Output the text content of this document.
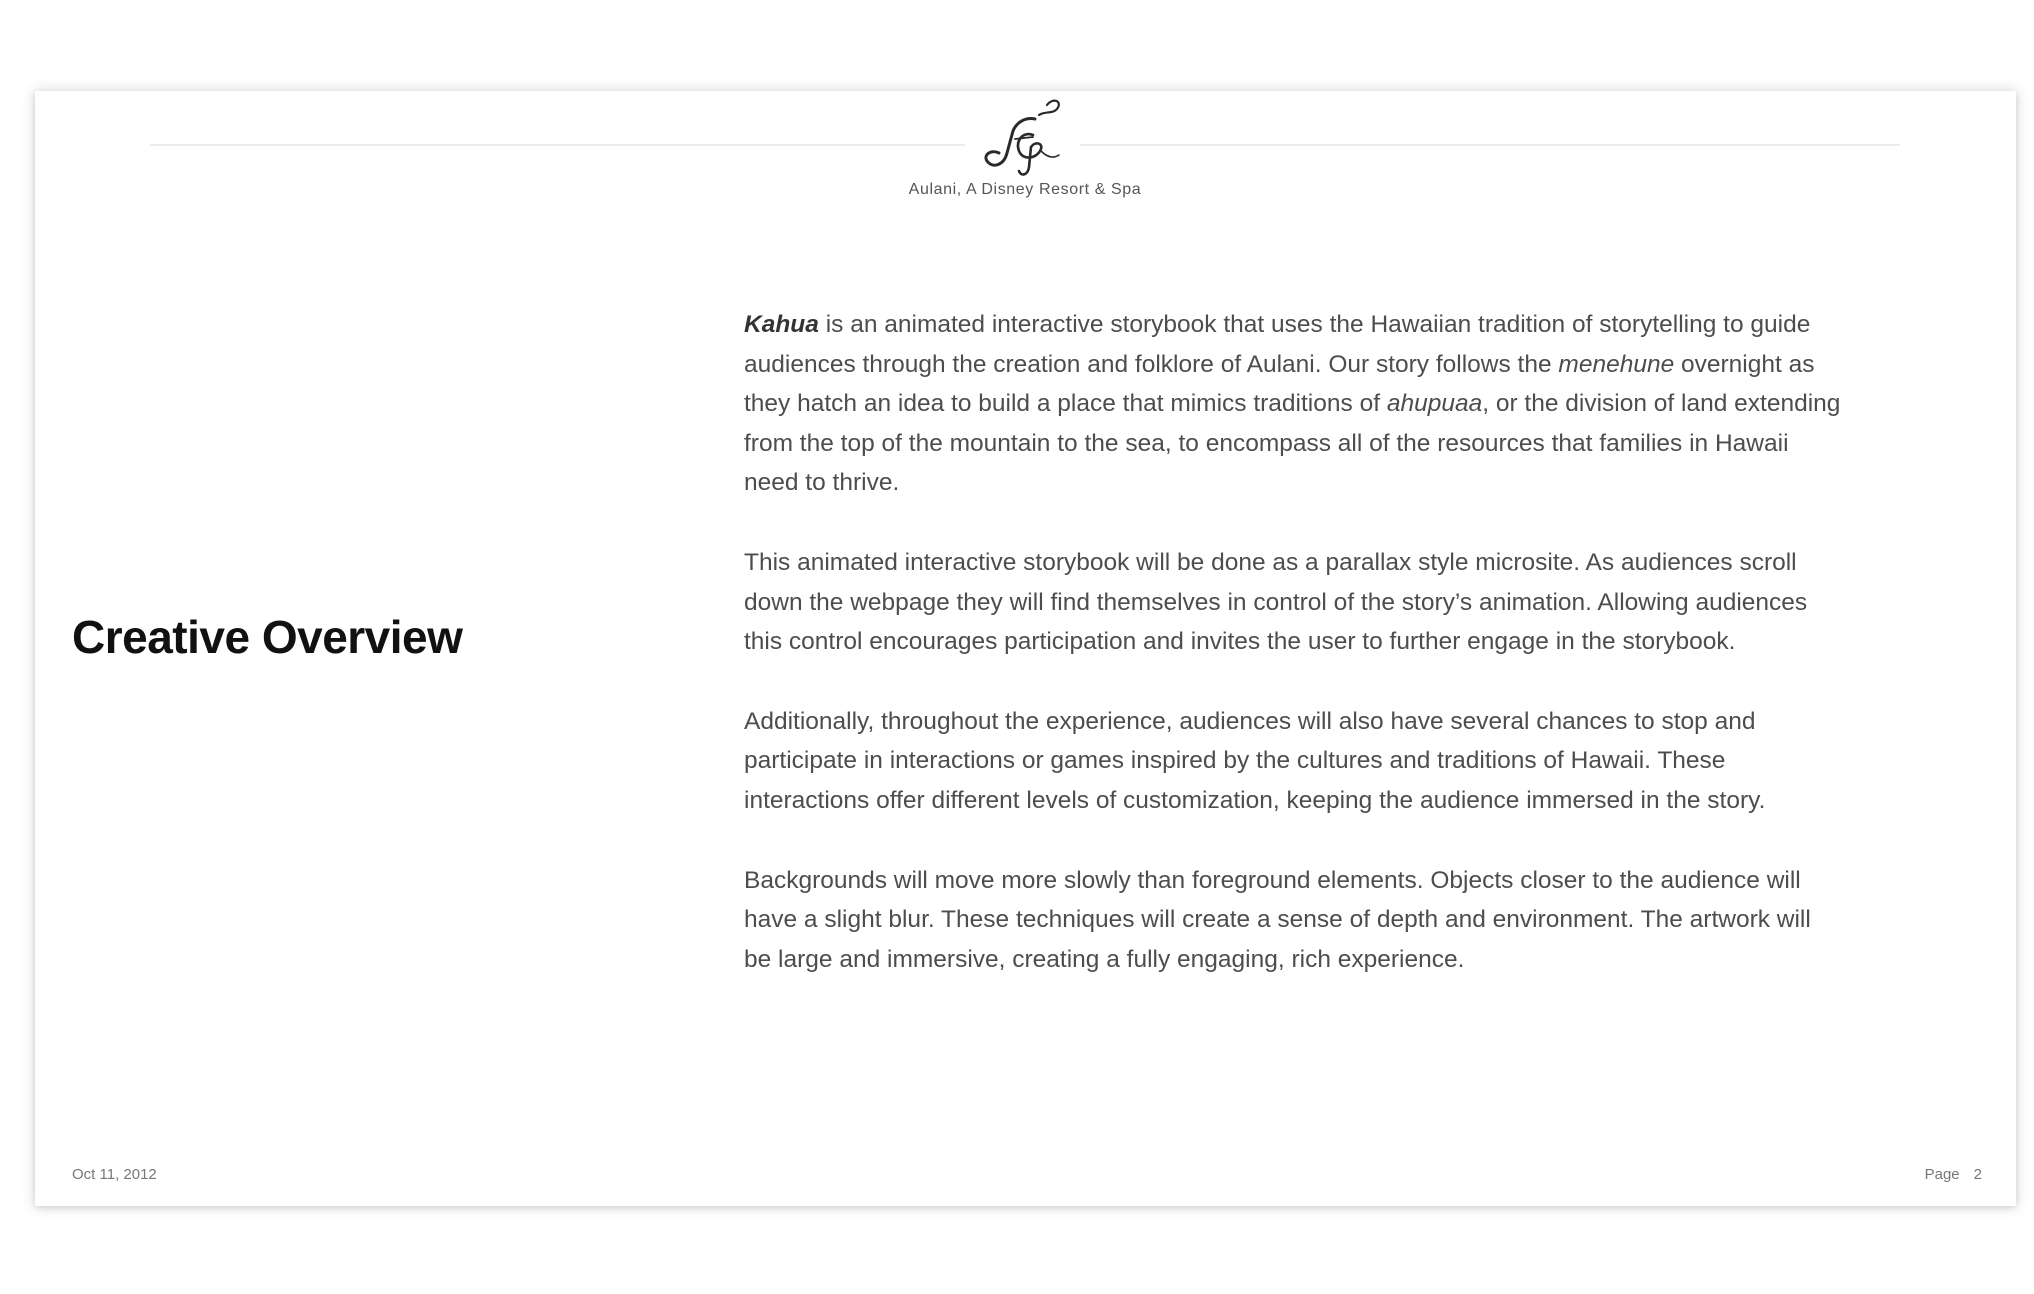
Aulani, A Disney Resort & Spa
Creative Overview

Kahua is an animated interactive storybook that uses the Hawaiian tradition of storytelling to guide audiences through the creation and folklore of Aulani. Our story follows the menehune overnight as they hatch an idea to build a place that mimics traditions of ahupuaa, or the division of land extending from the top of the mountain to the sea, to encompass all of the resources that families in Hawaii need to thrive.

This animated interactive storybook will be done as a parallax style microsite. As audiences scroll down the webpage they will find themselves in control of the story’s animation. Allowing audiences this control encourages participation and invites the user to further engage in the storybook.

Additionally, throughout the experience, audiences will also have several chances to stop and participate in interactions or games inspired by the cultures and traditions of Hawaii. These interactions offer different levels of customization, keeping the audience immersed in the story.

Backgrounds will move more slowly than foreground elements. Objects closer to the audience will have a slight blur. These techniques will create a sense of depth and environment. The artwork will be large and immersive, creating a fully engaging, rich experience.

Oct 11, 2012	Page 2
